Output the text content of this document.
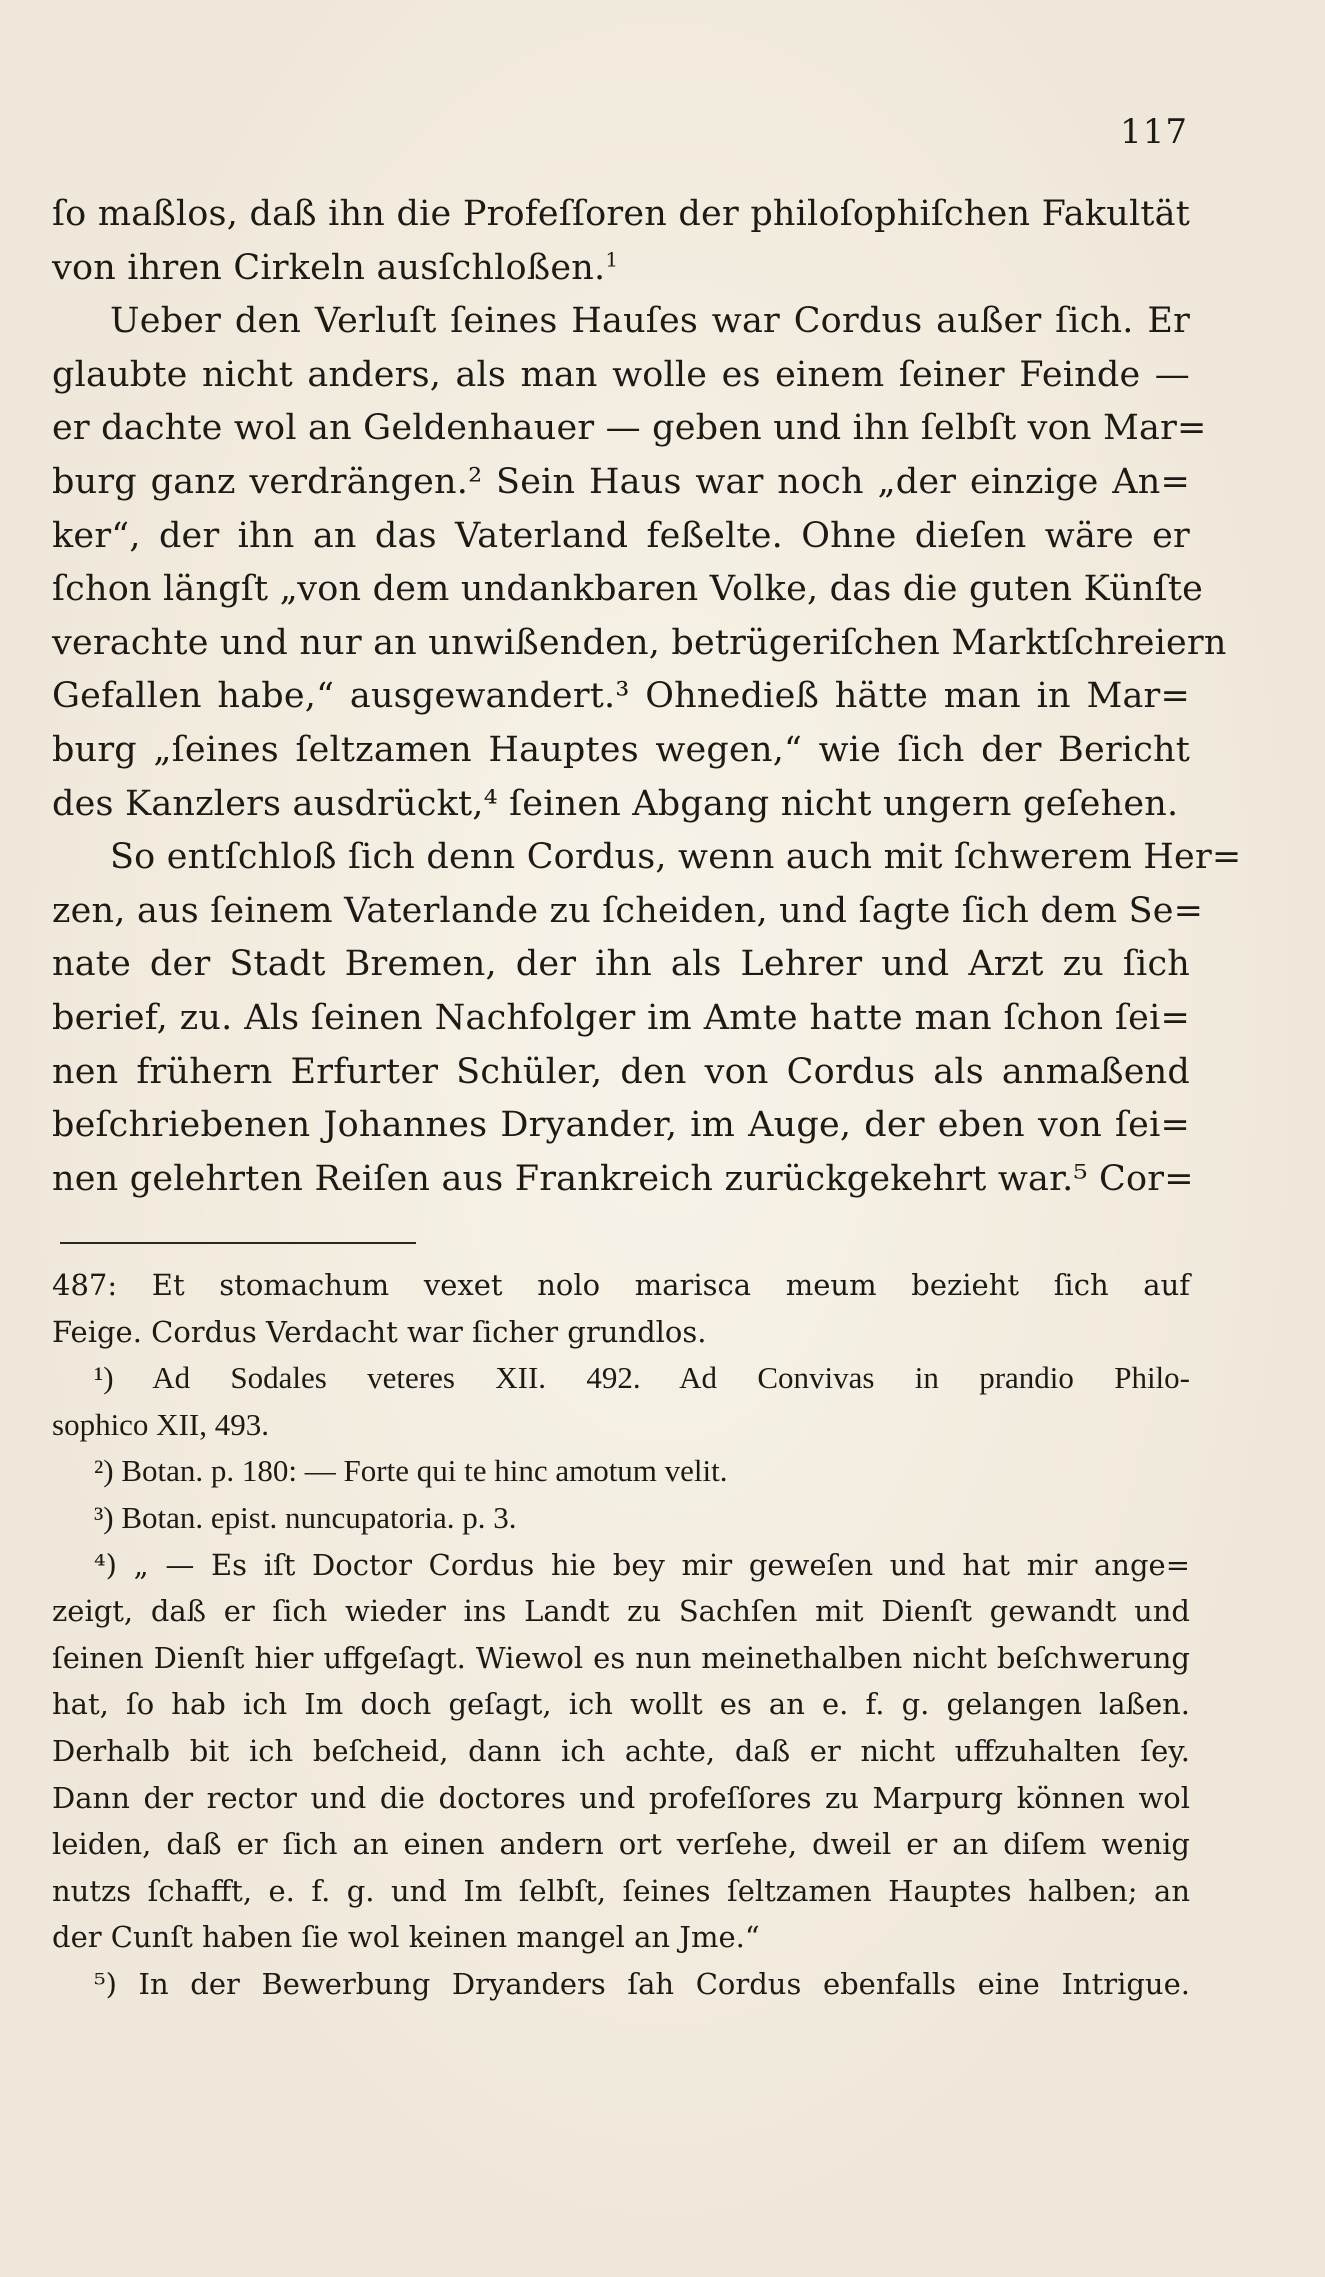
117
ſo maßlos, daß ihn die Profeſſoren der philoſophiſchen Fakultät
von ihren Cirkeln ausſchloßen.$^1$
Ueber den Verluſt ſeines Hauſes war Cordus außer ſich. Er
glaubte nicht anders, als man wolle es einem ſeiner Feinde —
er dachte wol an Geldenhauer — geben und ihn ſelbſt von Mar=
burg ganz verdrängen.² Sein Haus war noch „der einzige An=
ker“, der ihn an das Vaterland feßelte. Ohne dieſen wäre er
ſchon längſt „von dem undankbaren Volke, das die guten Künſte
verachte und nur an unwißenden, betrügeriſchen Marktſchreiern
Gefallen habe,“ ausgewandert.³ Ohnedieß hätte man in Mar=
burg „ſeines ſeltzamen Hauptes wegen,“ wie ſich der Bericht
des Kanzlers ausdrückt,⁴ ſeinen Abgang nicht ungern geſehen.
So entſchloß ſich denn Cordus, wenn auch mit ſchwerem Her=
zen, aus ſeinem Vaterlande zu ſcheiden, und ſagte ſich dem Se=
nate der Stadt Bremen, der ihn als Lehrer und Arzt zu ſich
berief, zu. Als ſeinen Nachfolger im Amte hatte man ſchon ſei=
nen frühern Erfurter Schüler, den von Cordus als anmaßend
beſchriebenen Johannes Dryander, im Auge, der eben von ſei=
nen gelehrten Reiſen aus Frankreich zurückgekehrt war.⁵ Cor=
487: Et stomachum vexet nolo marisca meum bezieht ſich auf
Feige. Cordus Verdacht war ſicher grundlos.
¹) Ad Sodales veteres XII. 492. Ad Convivas in prandio Philo-
sophico XII, 493.
²) Botan. p. 180: — Forte qui te hinc amotum velit.
³) Botan. epist. nuncupatoria. p. 3.
⁴) „ — Es iſt Doctor Cordus hie bey mir geweſen und hat mir ange=
zeigt, daß er ſich wieder ins Landt zu Sachſen mit Dienſt gewandt und
ſeinen Dienſt hier uffgeſagt. Wiewol es nun meinethalben nicht beſchwerung
hat, ſo hab ich Im doch geſagt, ich wollt es an e. f. g. gelangen laßen.
Derhalb bit ich beſcheid, dann ich achte, daß er nicht uffzuhalten ſey.
Dann der rector und die doctores und profeſſores zu Marpurg können wol
leiden, daß er ſich an einen andern ort verſehe, dweil er an diſem wenig
nutzs ſchafft, e. f. g. und Im ſelbſt, ſeines ſeltzamen Hauptes halben; an
der Cunſt haben ſie wol keinen mangel an Jme.“
⁵) In der Bewerbung Dryanders ſah Cordus ebenfalls eine Intrigue.
